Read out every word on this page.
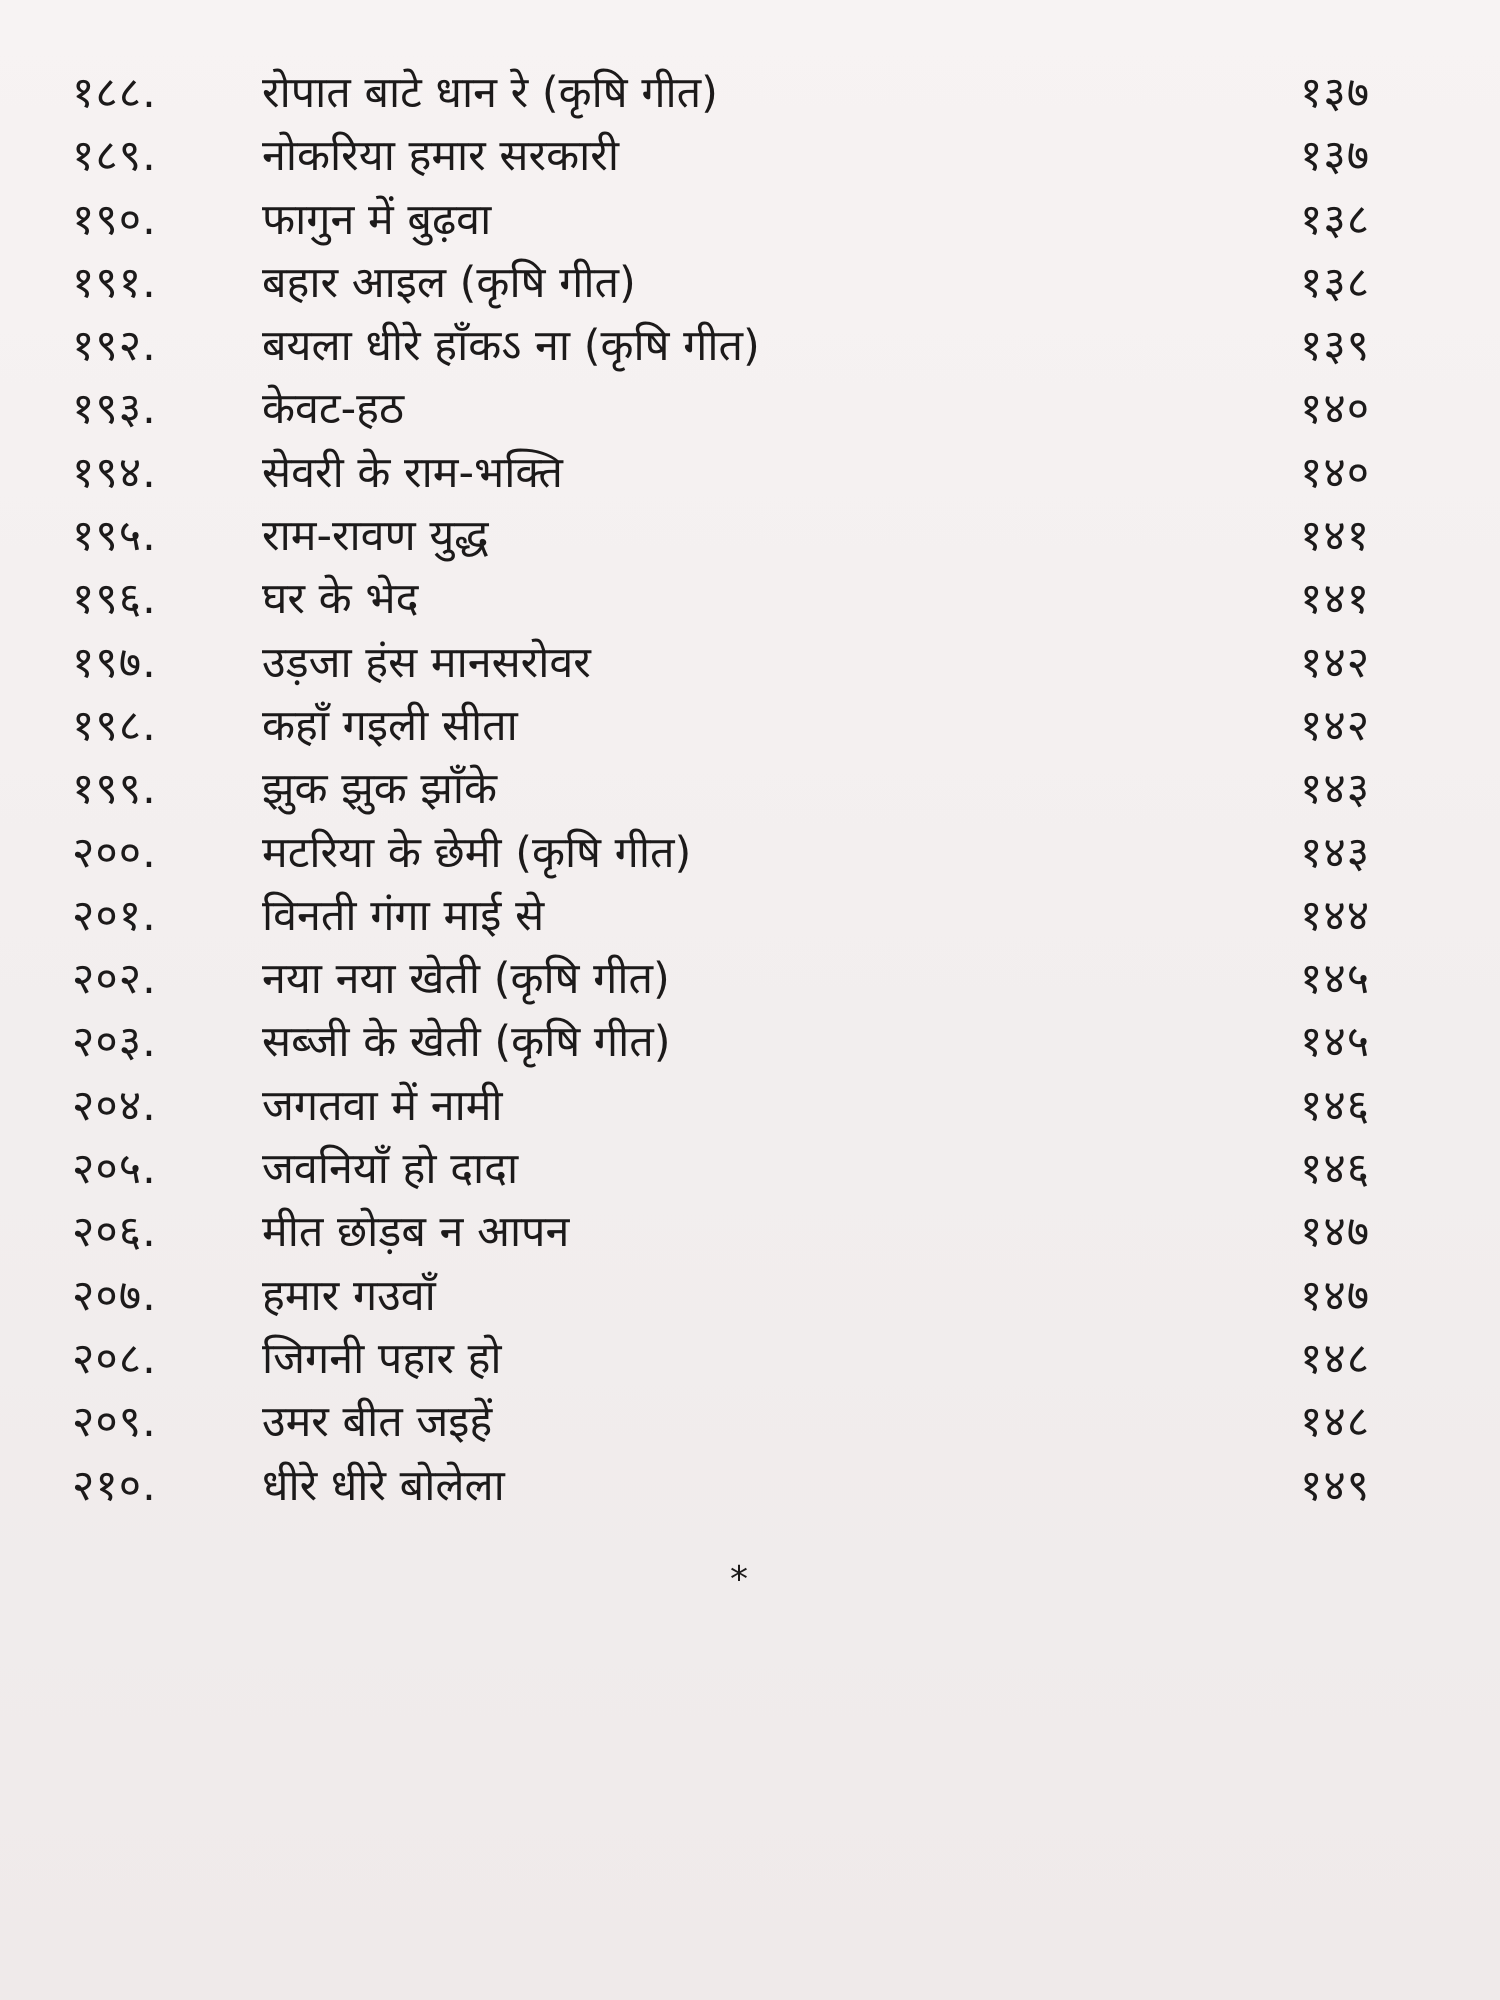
१८८. रोपात बाटे धान रे (कृषि गीत)	१३७
१८९. नोकरिया हमार सरकारी	१३७
१९०. फागुन में बुढ़वा	१३८
१९१. बहार आइल (कृषि गीत)	१३८
१९२. बयला धीरे हाँकऽ ना (कृषि गीत)	१३९
१९३. केवट-हठ	१४०
१९४. सेवरी के राम-भक्ति	१४०
१९५. राम-रावण युद्ध	१४१
१९६. घर के भेद	१४१
१९७. उड़जा हंस मानसरोवर	१४२
१९८. कहाँ गइली सीता	१४२
१९९. झुक झुक झाँके	१४३
२००. मटरिया के छेमी (कृषि गीत)	१४३
२०१. विनती गंगा माई से	१४४
२०२. नया नया खेती (कृषि गीत)	१४५
२०३. सब्जी के खेती (कृषि गीत)	१४५
२०४. जगतवा में नामी	१४६
२०५. जवनियाँ हो दादा	१४६
२०६. मीत छोड़ब न आपन	१४७
२०७. हमार गउवाँ	१४७
२०८. जिगनी पहार हो	१४८
२०९. उमर बीत जइहें	१४८
२१०. धीरे धीरे बोलेला	१४९
*
